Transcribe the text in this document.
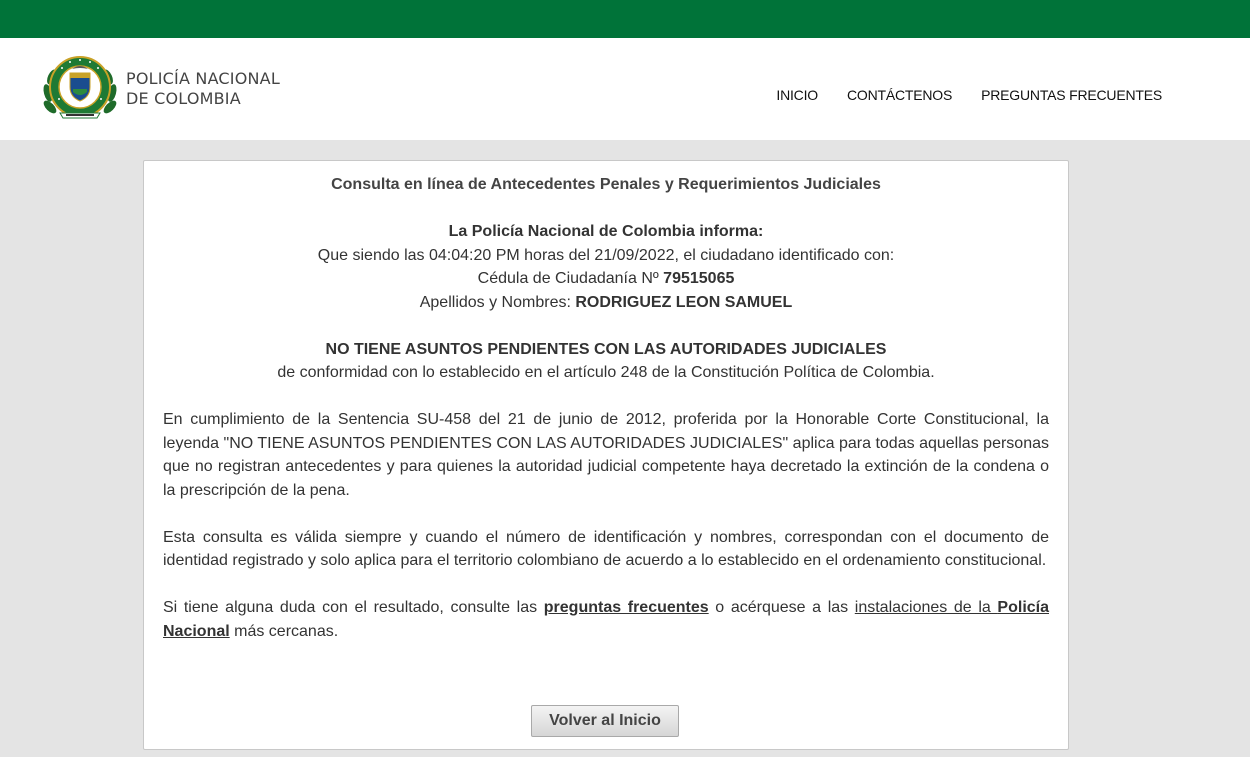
POLICÍA NACIONAL
DE COLOMBIA	INICIO CONTÁCTENOS PREGUNTAS FRECUENTES
Consulta en línea de Antecedentes Penales y Requerimientos Judiciales
La Policía Nacional de Colombia informa:
Que siendo las 04:04:20 PM horas del 21/09/2022, el ciudadano identificado con:
Cédula de Ciudadanía Nº 79515065
Apellidos y Nombres: RODRIGUEZ LEON SAMUEL
NO TIENE ASUNTOS PENDIENTES CON LAS AUTORIDADES JUDICIALES
de conformidad con lo establecido en el artículo 248 de la Constitución Política de Colombia.

En cumplimiento de la Sentencia SU-458 del 21 de junio de 2012, proferida por la Honorable Corte Constitucional, la leyenda "NO TIENE ASUNTOS PENDIENTES CON LAS AUTORIDADES JUDICIALES" aplica para todas aquellas personas que no registran antecedentes y para quienes la autoridad judicial competente haya decretado la extinción de la condena o la prescripción de la pena.

Esta consulta es válida siempre y cuando el número de identificación y nombres, correspondan con el documento de identidad registrado y solo aplica para el territorio colombiano de acuerdo a lo establecido en el ordenamiento constitucional.

Si tiene alguna duda con el resultado, consulte las preguntas frecuentes o acérquese a las instalaciones de la Policía Nacional más cercanas.

Volver al Inicio
